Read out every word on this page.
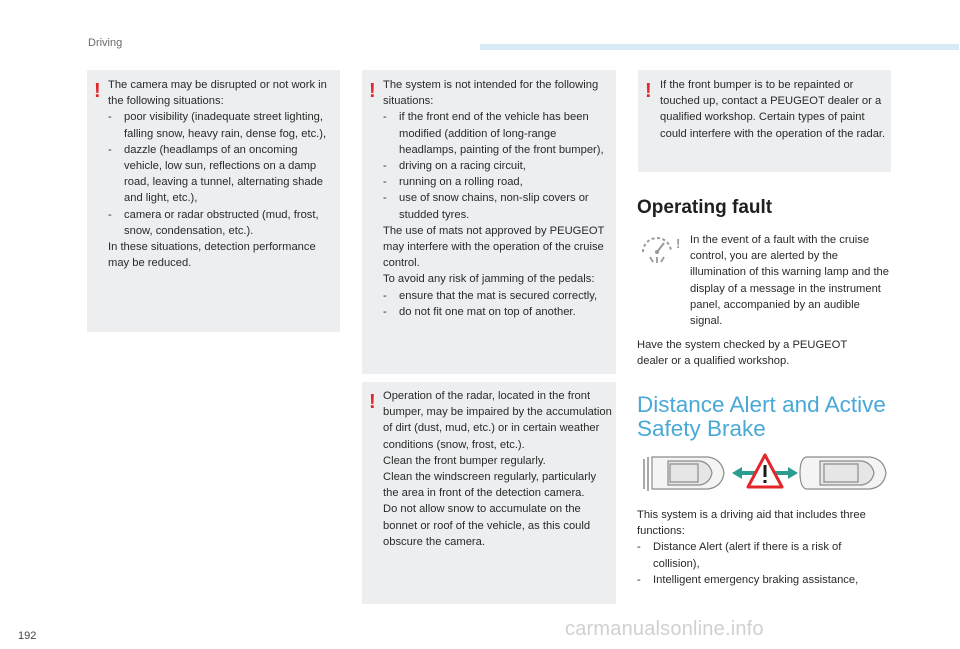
Driving
! The camera may be disrupted or not work in the following situations:

- poor visibility (inadequate street lighting, falling snow, heavy rain, dense fog, etc.),
- dazzle (headlamps of an oncoming vehicle, low sun, reflections on a damp road, leaving a tunnel, alternating shade and light, etc.),
- camera or radar obstructed (mud, frost, snow, condensation, etc.).

In these situations, detection performance may be reduced.

! The system is not intended for the following situations:

- if the front end of the vehicle has been modified (addition of long-range headlamps, painting of the front bumper),
- driving on a racing circuit,
- running on a rolling road,
- use of snow chains, non-slip covers or studded tyres.

The use of mats not approved by PEUGEOT may interfere with the operation of the cruise control.

To avoid any risk of jamming of the pedals:

- ensure that the mat is secured correctly,
- do not fit one mat on top of another.
! Operation of the radar, located in the front bumper, may be impaired by the accumulation of dirt (dust, mud, etc.) or in certain weather conditions (snow, frost, etc.).

Clean the front bumper regularly.

Clean the windscreen regularly, particularly the area in front of the detection camera.

Do not allow snow to accumulate on the bonnet or roof of the vehicle, as this could obscure the camera.

! If the front bumper is to be repainted or touched up, contact a PEUGEOT dealer or a qualified workshop. Certain types of paint could interfere with the operation of the radar.
Operating fault
! In the event of a fault with the cruise control, you are alerted by the illumination of this warning lamp and the display of a message in the instrument panel, accompanied by an audible signal.
Have the system checked by a PEUGEOT dealer or a qualified workshop.
Distance Alert and Active
Safety Brake

This system is a driving aid that includes three functions:

- Distance Alert (alert if there is a risk of collision),
- Intelligent emergency braking assistance,
192	carmanualsonline.info
